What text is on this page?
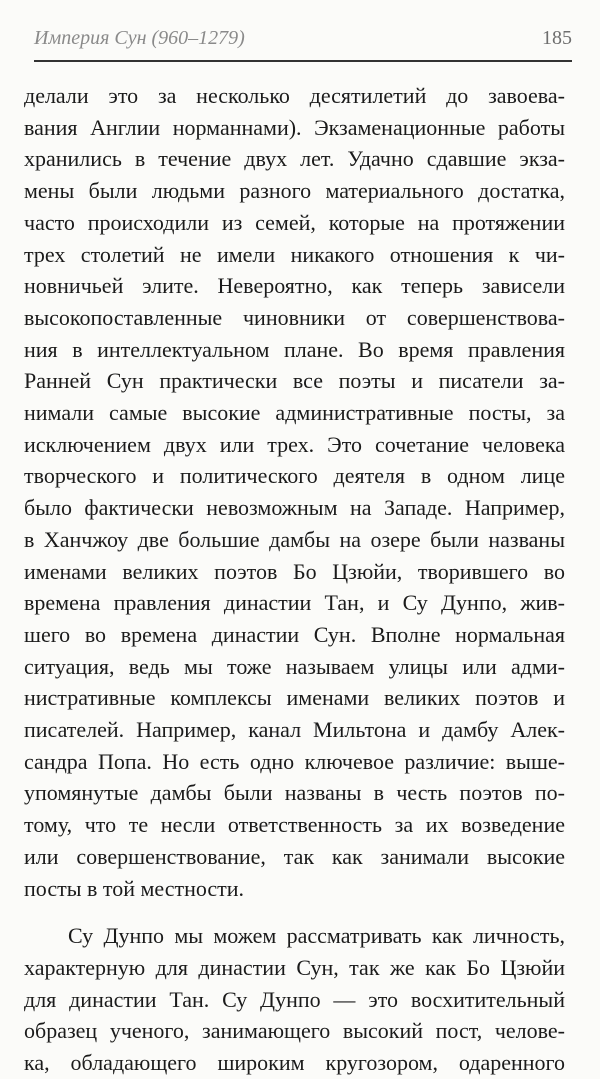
Империя Сун (960–1279)	185

делали это за несколько десятилетий до завоева-
вания Англии норманнами). Экзаменационные работы
хранились в течение двух лет. Удачно сдавшие экза-
мены были людьми разного материального достатка,
часто происходили из семей, которые на протяжении
трех столетий не имели никакого отношения к чи-
новничьей элите. Невероятно, как теперь зависели
высокопоставленные чиновники от совершенствова-
ния в интеллектуальном плане. Во время правления
Ранней Сун практически все поэты и писатели за-
нимали самые высокие административные посты, за
исключением двух или трех. Это сочетание человека
творческого и политического деятеля в одном лице
было фактически невозможным на Западе. Например,
в Ханчжоу две большие дамбы на озере были названы
именами великих поэтов Бо Цзюйи, творившего во
времена правления династии Тан, и Су Дунпо, жив-
шего во времена династии Сун. Вполне нормальная
ситуация, ведь мы тоже называем улицы или адми-
нистративные комплексы именами великих поэтов и
писателей. Например, канал Мильтона и дамбу Алек-
сандра Попа. Но есть одно ключевое различие: выше-
упомянутые дамбы были названы в честь поэтов по-
тому, что те несли ответственность за их возведение
или совершенствование, так как занимали высокие
посты в той местности.

Су Дунпо мы можем рассматривать как личность,
характерную для династии Сун, так же как Бо Цзюйи
для династии Тан. Су Дунпо — это восхитительный
образец ученого, занимающего высокий пост, челове-
ка, обладающего широким кругозором, одаренного
